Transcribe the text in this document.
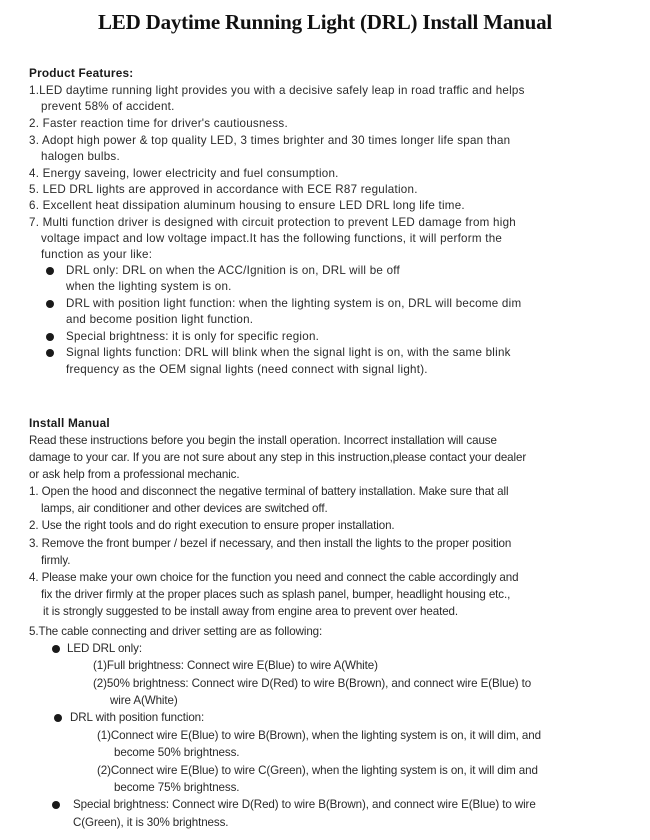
LED Daytime Running Light (DRL) Install Manual
Product Features:
1.LED daytime running light provides you with a decisive safely leap in road traffic and helps
prevent 58% of accident.
2. Faster reaction time for driver's cautiousness.
3. Adopt high power & top quality LED, 3 times brighter and 30 times longer life span than
halogen bulbs.
4. Energy saveing, lower electricity and fuel consumption.
5. LED DRL lights are approved in accordance with ECE R87 regulation.
6. Excellent heat dissipation aluminum housing to ensure LED DRL long life time.
7. Multi function driver is designed with circuit protection to prevent LED damage from high
voltage impact and low voltage impact.It has the following functions, it will perform the
function as your like:
DRL only: DRL on when the ACC/Ignition is on, DRL will be off
when the lighting system is on.
DRL with position light function: when the lighting system is on, DRL will become dim
and become position light function.
Special brightness: it is only for specific region.
Signal lights function: DRL will blink when the signal light is on, with the same blink
frequency as the OEM signal lights (need connect with signal light).
Install Manual
Read these instructions before you begin the install operation. Incorrect installation will cause
damage to your car. If you are not sure about any step in this instruction,please contact your dealer
or ask help from a professional mechanic.
1. Open the hood and disconnect the negative terminal of battery installation. Make sure that all
lamps, air conditioner and other devices are switched off.
2. Use the right tools and do right execution to ensure proper installation.
3. Remove the front bumper / bezel if necessary, and then install the lights to the proper position
firmly.
4. Please make your own choice for the function you need and connect the cable accordingly and
fix the driver firmly at the proper places such as splash panel, bumper, headlight housing etc.,
it is strongly suggested to be install away from engine area to prevent over heated.
5.The cable connecting and driver setting are as following:
LED DRL only:
(1)Full brightness: Connect wire E(Blue) to wire A(White)
(2)50% brightness: Connect wire D(Red) to wire B(Brown), and connect wire E(Blue) to
wire A(White)
DRL with position function:
(1)Connect wire E(Blue) to wire B(Brown), when the lighting system is on, it will dim, and
become 50% brightness.
(2)Connect wire E(Blue) to wire C(Green), when the lighting system is on, it will dim and
become 75% brightness.
Special brightness: Connect wire D(Red) to wire B(Brown), and connect wire E(Blue) to wire
C(Green), it is 30% brightness.
